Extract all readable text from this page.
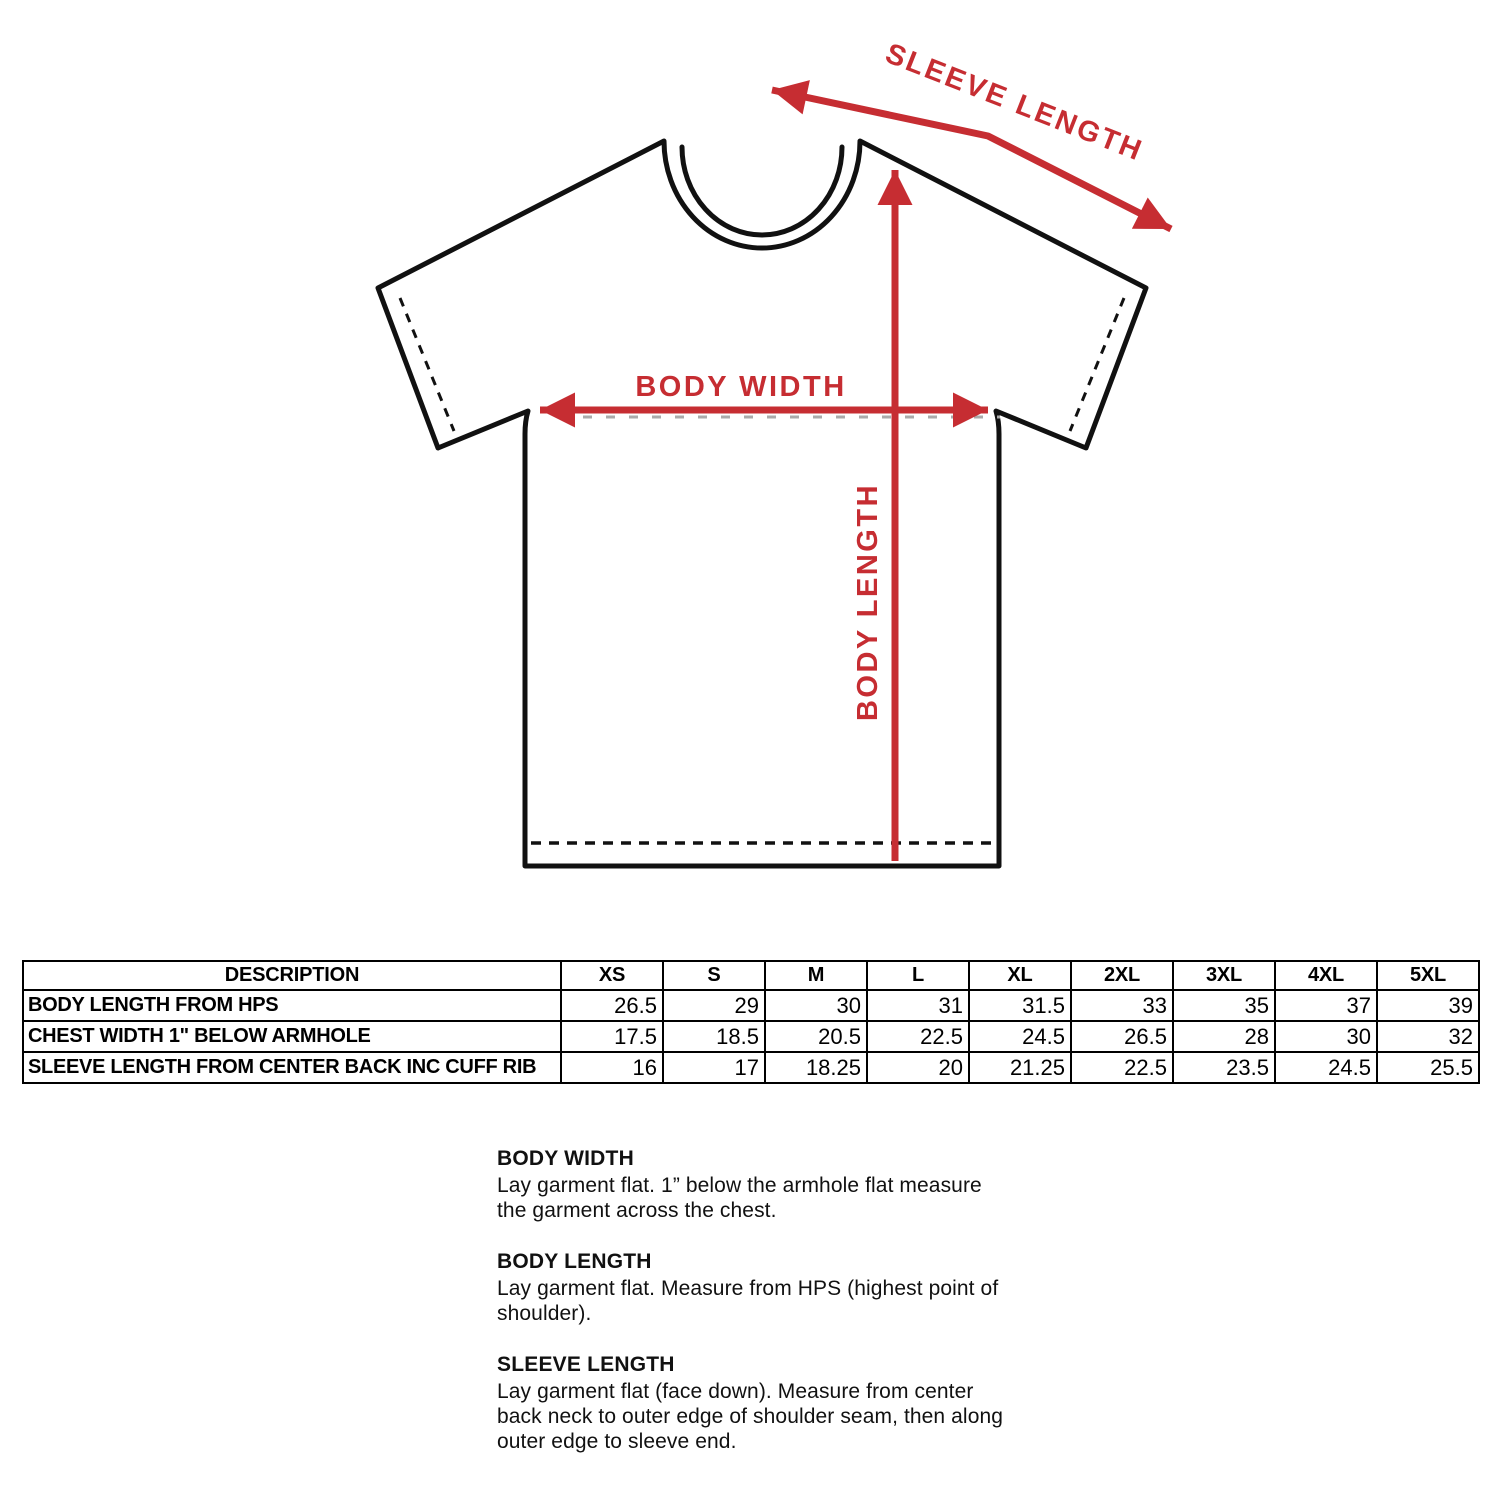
BODY WIDTH
BODY LENGTH
SLEEVE LENGTH
DESCRIPTION	XS	S	M	L	XL	2XL	3XL	4XL	5XL
BODY LENGTH FROM HPS	26.5	29	30	31	31.5	33	35	37	39
CHEST WIDTH 1" BELOW ARMHOLE	17.5	18.5	20.5	22.5	24.5	26.5	28	30	32
SLEEVE LENGTH FROM CENTER BACK INC CUFF RIB	16	17	18.25	20	21.25	22.5	23.5	24.5	25.5
BODY WIDTH

Lay garment flat. 1” below the armhole flat measure the garment across the chest.

BODY LENGTH

Lay garment flat. Measure from HPS (highest point of shoulder).

SLEEVE LENGTH

Lay garment flat (face down). Measure from center back neck to outer edge of shoulder seam, then along outer edge to sleeve end.
